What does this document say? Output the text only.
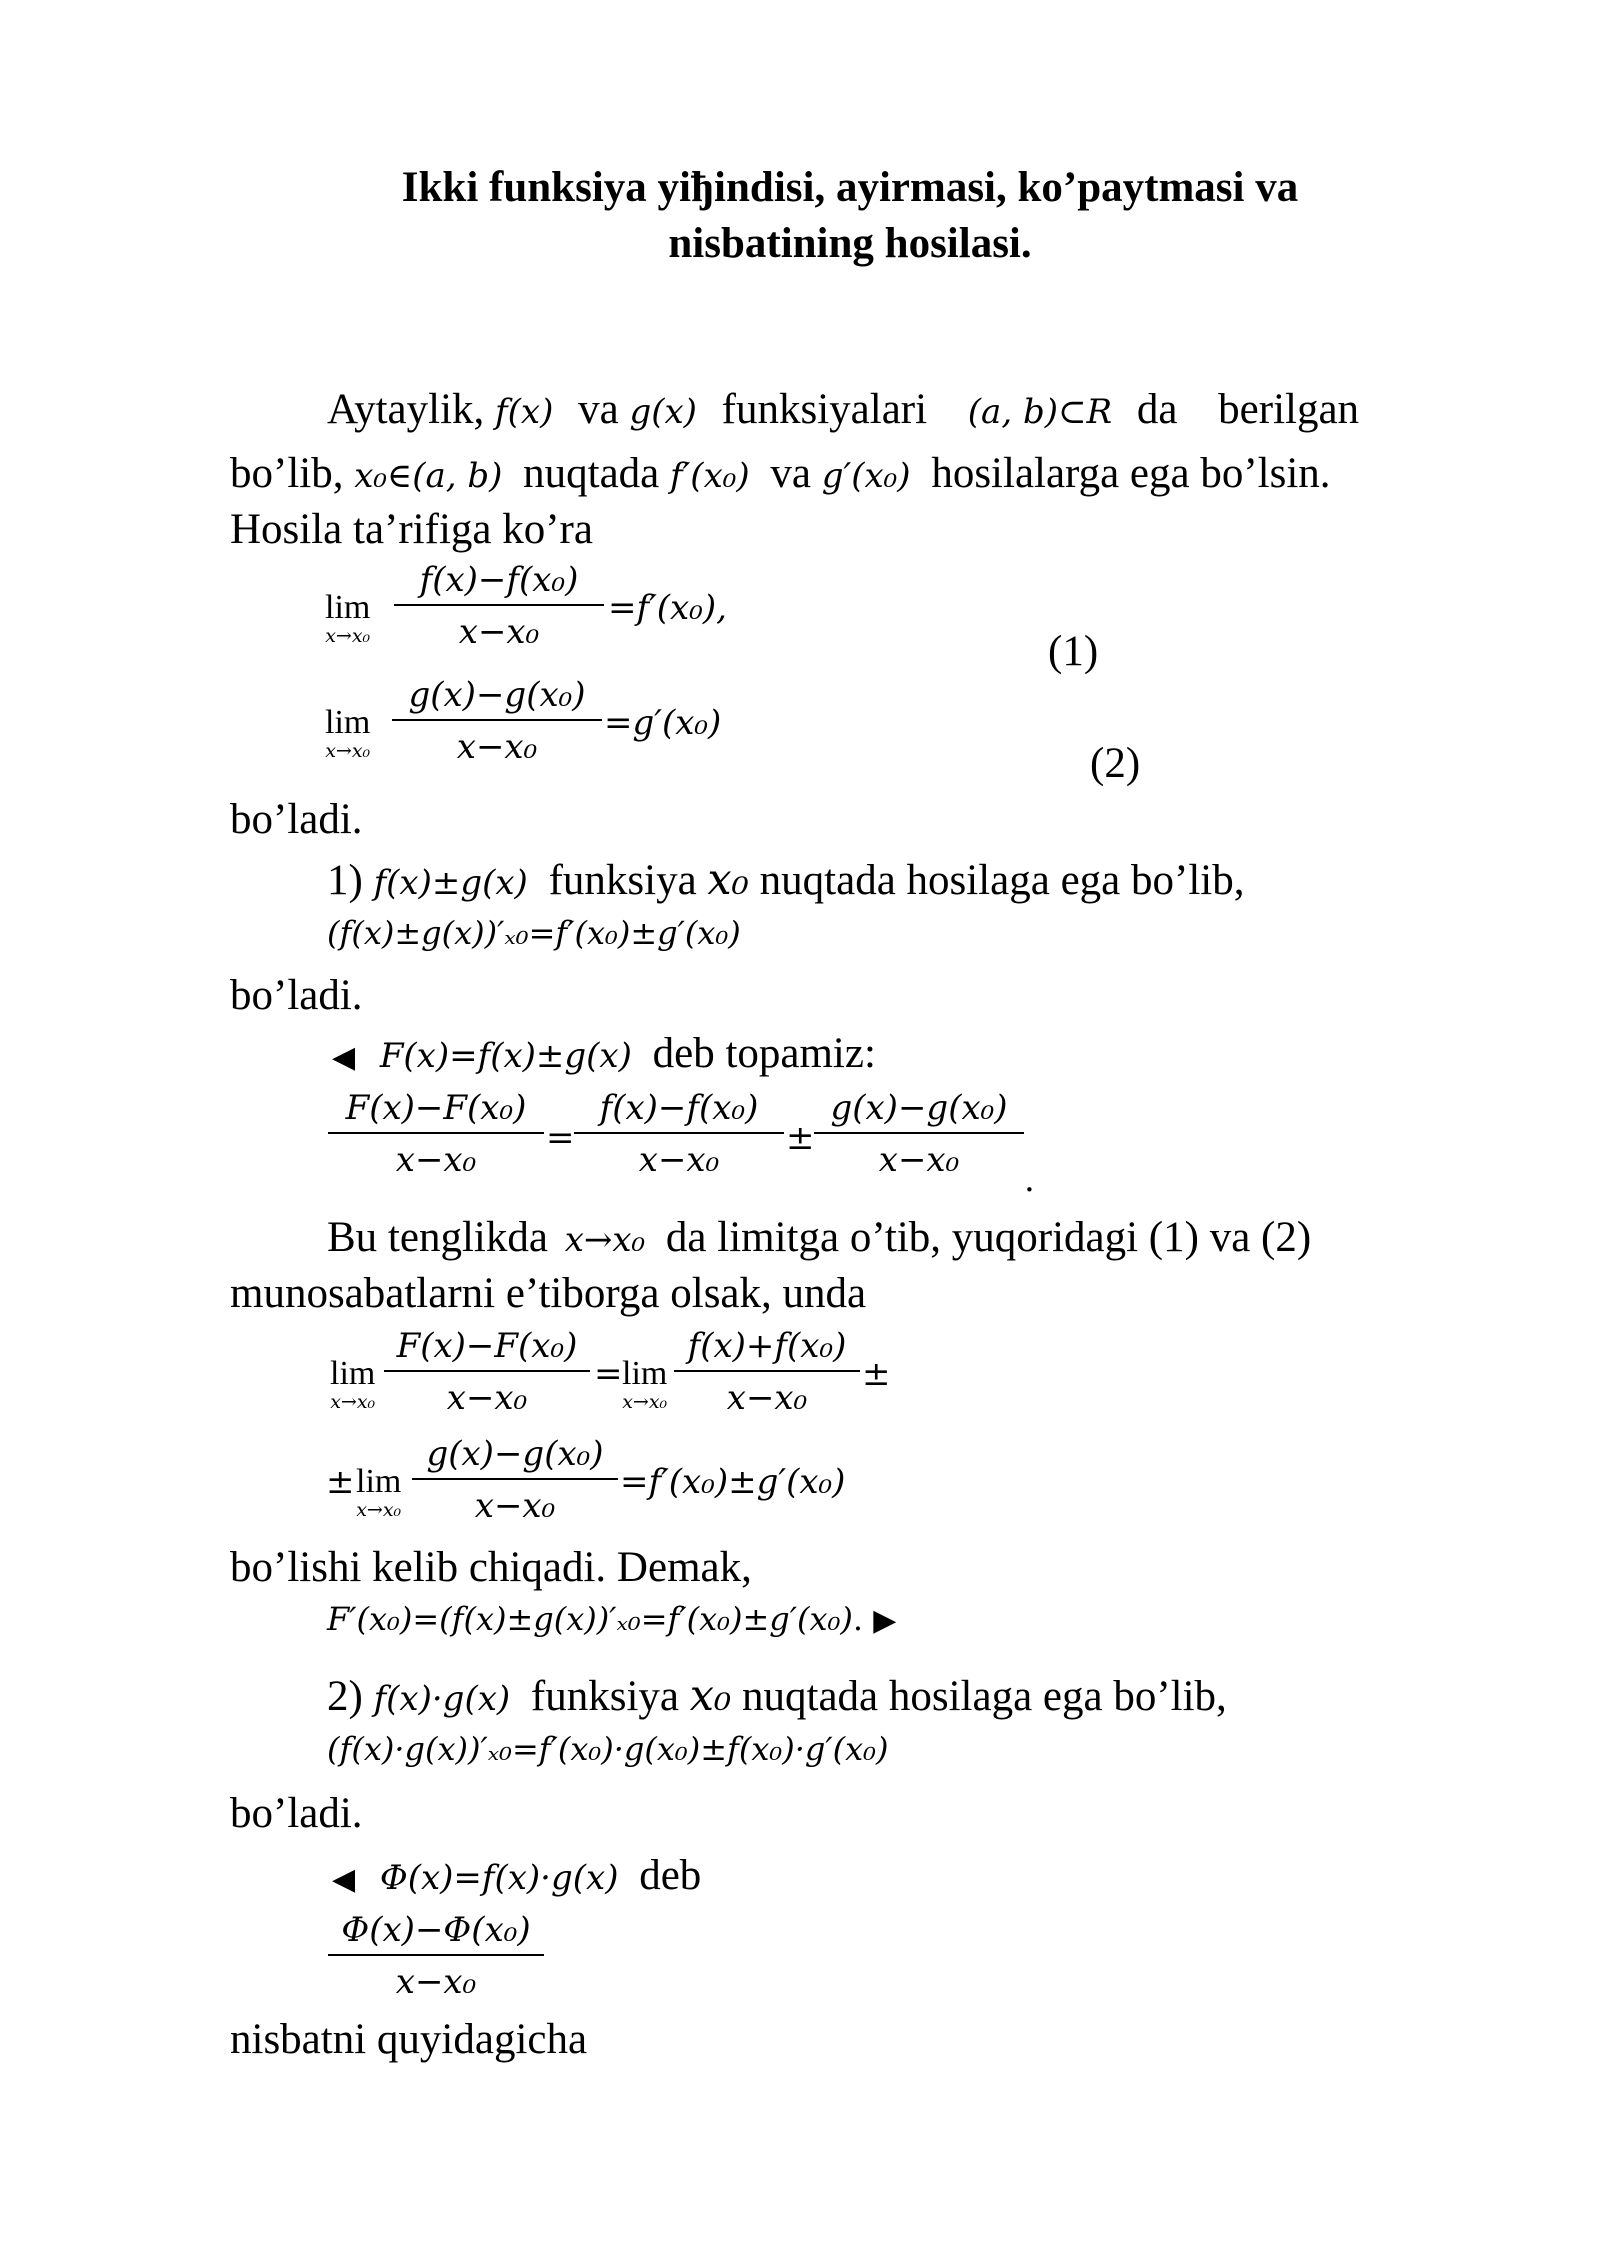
Ikki funksiya yiђindisi, ayirmasi, ko’paytmasi va
nisbatining hosilasi.
Aytaylik, f(x) va g(x) funksiyalari (a, b)⊂R da berilgan
bo’lib, x₀∈(a, b) nuqtada f′(x₀) va g′(x₀) hosilalarga ega bo’lsin.
Hosila ta’rifiga ko’ra
lim
$x\to x_0 \frac{\text{f(x)−f(x₀)}}{\text{x−x₀}} =f'(x_0)$,
(1)
lim
$x\to x_0 \frac{\text{g(x)−g(x₀)}}{\text{x−x₀}} =g'(x_0)$
(2)
bo’ladi.
1) f(x)±g(x) funksiya x₀ nuqtada hosilaga ega bo’lib,
(f(x)±g(x))′ₓ₀=f′(x₀)±g′(x₀)
bo’ladi.
◀ F(x)=f(x)±g(x) deb topamiz:
$\frac{\text{F(x)−F(x₀)}}{\text{x−x₀}} = \frac{\text{f(x)−f(x₀)}}{\text{x−x₀}} \pm \frac{\text{g(x)−g(x₀)}}{\text{x−x₀}}$ .
Bu tenglikda x→x₀ da limitga o’tib, yuqoridagi (1) va (2)
munosabatlarni e’tiborga olsak, unda
lim
$x\to x_0 \frac{\text{F(x)−F(x₀)}}{\text{x−x₀}} = \lim$
$x\to x_0 \frac{\text{f(x)+f(x₀)}}{\text{x−x₀}}$ ±
± lim
$x\to x_0 \frac{\text{g(x)−g(x₀)}}{\text{x−x₀}} =f'(x_0)\pm g'(x_0)$
bo’lishi kelib chiqadi. Demak,
F′(x₀)=(f(x)±g(x))′ₓ₀=f′(x₀)±g′(x₀). ▶
2) f(x)·g(x) funksiya x₀ nuqtada hosilaga ega bo’lib,
(f(x)·g(x))′ₓ₀=f′(x₀)·g(x₀)±f(x₀)·g′(x₀)
bo’ladi.
◀ Φ(x)=f(x)·g(x) deb
$\frac{\text{Φ(x)−Φ(x₀)}}{\text{x−x₀}}$
nisbatni quyidagicha
